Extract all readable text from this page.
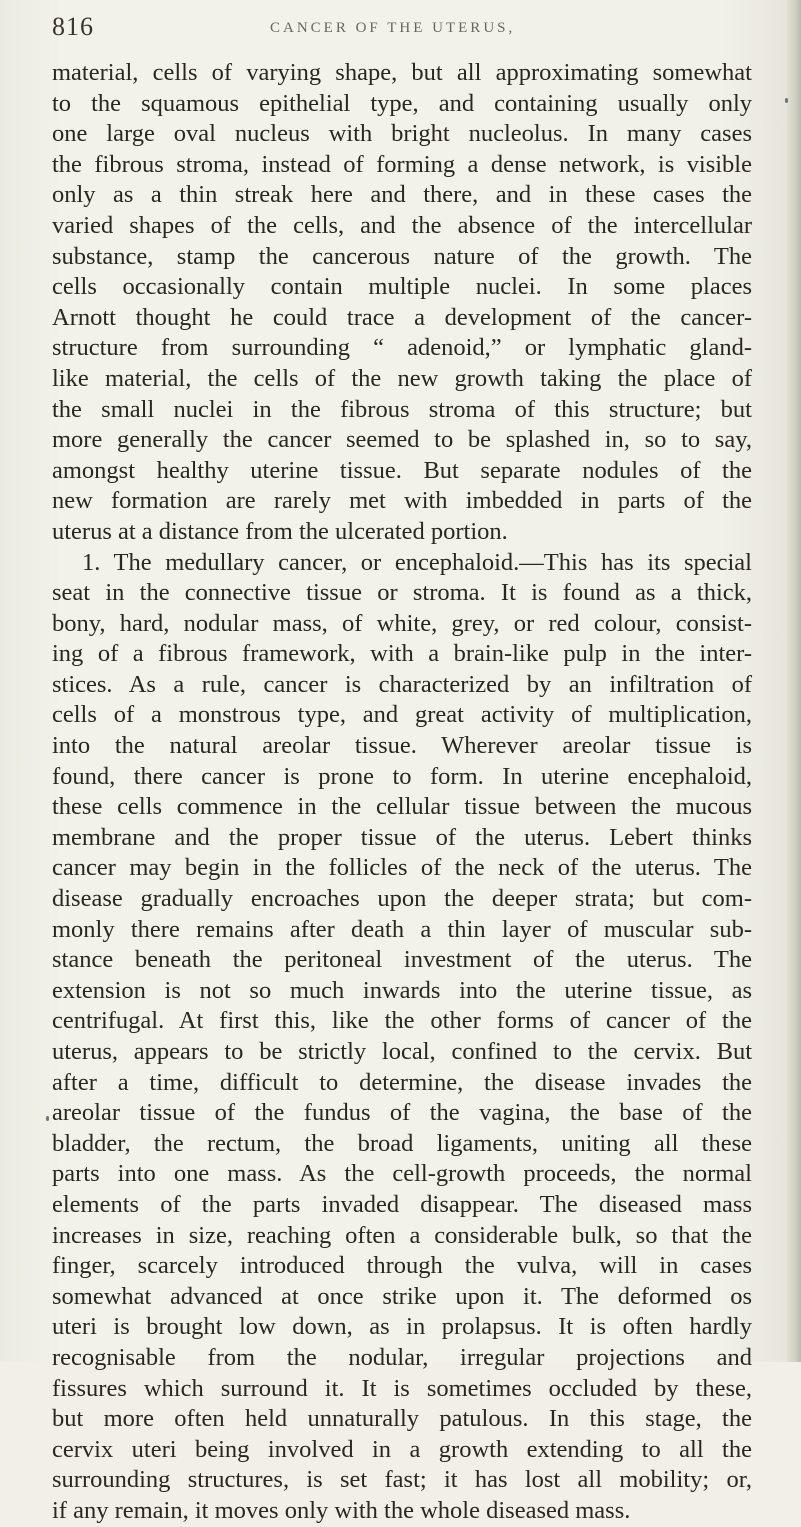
816	CANCER OF THE UTERUS,
material, cells of varying shape, but all approximating somewhat
to the squamous epithelial type, and containing usually only
one large oval nucleus with bright nucleolus. In many cases
the fibrous stroma, instead of forming a dense network, is visible
only as a thin streak here and there, and in these cases the
varied shapes of the cells, and the absence of the intercellular
substance, stamp the cancerous nature of the growth. The
cells occasionally contain multiple nuclei. In some places
Arnott thought he could trace a development of the cancer-
structure from surrounding “ adenoid,” or lymphatic gland-
like material, the cells of the new growth taking the place of
the small nuclei in the fibrous stroma of this structure; but
more generally the cancer seemed to be splashed in, so to say,
amongst healthy uterine tissue. But separate nodules of the
new formation are rarely met with imbedded in parts of the
uterus at a distance from the ulcerated portion.
1. The medullary cancer, or encephaloid.—This has its special
seat in the connective tissue or stroma. It is found as a thick,
bony, hard, nodular mass, of white, grey, or red colour, consist-
ing of a fibrous framework, with a brain-like pulp in the inter-
stices. As a rule, cancer is characterized by an infiltration of
cells of a monstrous type, and great activity of multiplication,
into the natural areolar tissue. Wherever areolar tissue is
found, there cancer is prone to form. In uterine encephaloid,
these cells commence in the cellular tissue between the mucous
membrane and the proper tissue of the uterus. Lebert thinks
cancer may begin in the follicles of the neck of the uterus. The
disease gradually encroaches upon the deeper strata; but com-
monly there remains after death a thin layer of muscular sub-
stance beneath the peritoneal investment of the uterus. The
extension is not so much inwards into the uterine tissue, as
centrifugal. At first this, like the other forms of cancer of the
uterus, appears to be strictly local, confined to the cervix. But
after a time, difficult to determine, the disease invades the
areolar tissue of the fundus of the vagina, the base of the
bladder, the rectum, the broad ligaments, uniting all these
parts into one mass. As the cell-growth proceeds, the normal
elements of the parts invaded disappear. The diseased mass
increases in size, reaching often a considerable bulk, so that the
finger, scarcely introduced through the vulva, will in cases
somewhat advanced at once strike upon it. The deformed os
uteri is brought low down, as in prolapsus. It is often hardly
recognisable from the nodular, irregular projections and
fissures which surround it. It is sometimes occluded by these,
but more often held unnaturally patulous. In this stage, the
cervix uteri being involved in a growth extending to all the
surrounding structures, is set fast; it has lost all mobility; or,
if any remain, it moves only with the whole diseased mass.
